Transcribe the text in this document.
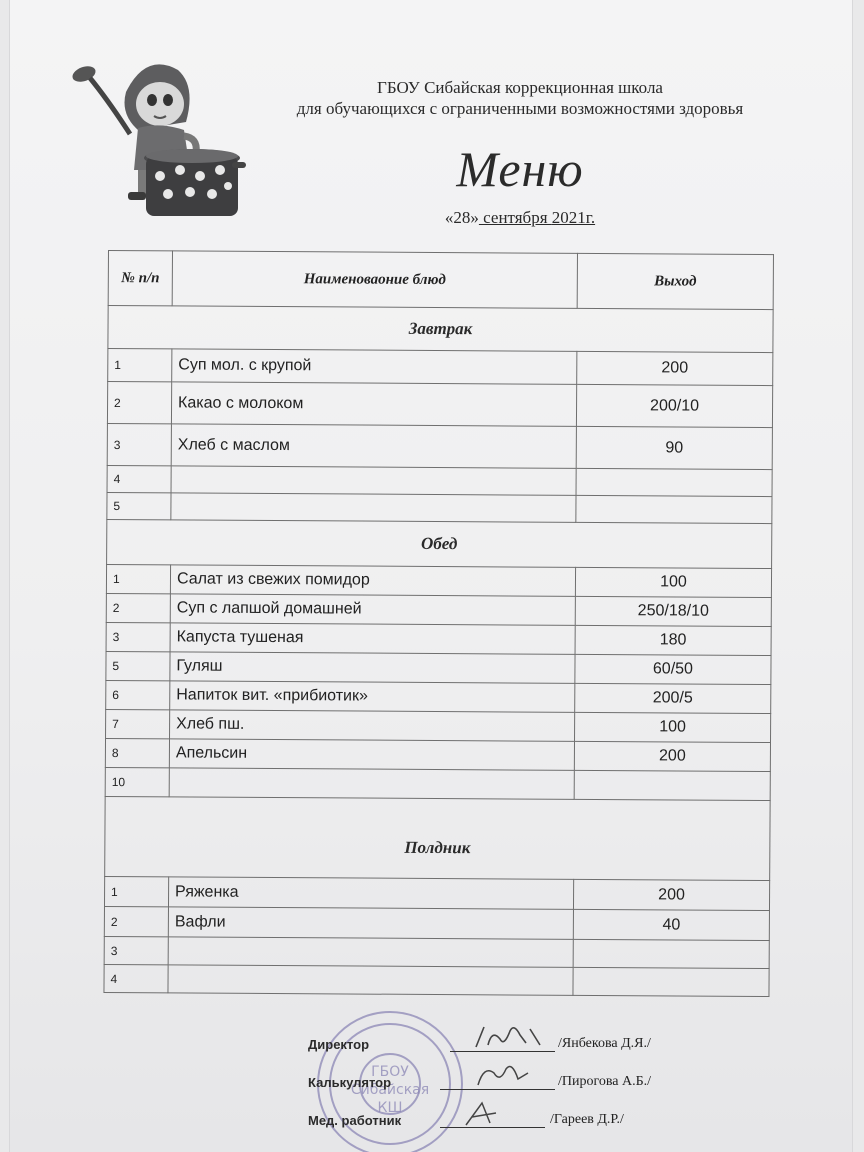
ГБОУ Сибайская коррекционная школа
для обучающихся с ограниченными возможностями здоровья
Меню
«28» сентября 2021г.
№ п/п	Наименоваоние блюд	Выход
Завтрак		
1	Суп мол. с крупой	200
2	Какао с молоком	200/10
3	Хлеб с маслом	90
4		
5		
Обед		
1	Салат из свежих помидор	100
2	Суп с лапшой домашней	250/18/10
3	Капуста тушеная	180
5	Гуляш	60/50
6	Напиток вит. «прибиотик»	200/5
7	Хлеб пш.	100
8	Апельсин	200
10		
Полдник		
1	Ряженка	200
2	Вафли	40
3		
4		
ГБОУ
Сибайская
КШ
Директор	/Янбекова Д.Я./
Калькулятор	/Пирогова А.Б./
Мед. работник	/Гареев Д.Р./
